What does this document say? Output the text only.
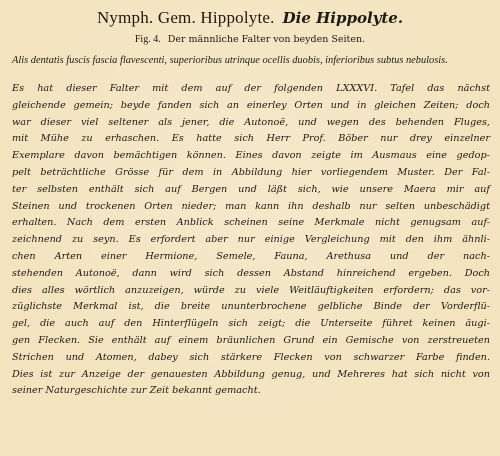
Nymph. Gem. Hippolyte. Die Hippolyte.
Fig. 4. Der männliche Falter von beyden Seiten.
Alis dentatis fuscis fascia flavescenti, superioribus utrinque ocellis duobis, inferioribus subtus nebulosis.
Es hat dieser Falter mit dem auf der folgenden LXXXVI. Tafel das nächst
gleichende gemein; beyde fanden sich an einerley Orten und in gleichen Zeiten; doch
war dieser viel seltener als jener, die Autonoë, und wegen des behenden Fluges,
mit Mühe zu erhaschen. Es hatte sich Herr Prof. Böber nur drey einzelner
Exemplare davon bemächtigen können. Eines davon zeigte im Ausmaus eine gedop-
pelt beträchtliche Grösse für dem in Abbildung hier vorliegendem Muster. Der Fal-
ter selbsten enthält sich auf Bergen und läßt sich, wie unsere Maera mir auf
Steinen und trockenen Orten nieder; man kann ihn deshalb nur selten unbeschädigt
erhalten. Nach dem ersten Anblick scheinen seine Merkmale nicht genugsam auf-
zeichnend zu seyn. Es erfordert aber nur einige Vergleichung mit den ihm ähnli-
chen Arten einer Hermione, Semele, Fauna, Arethusa und der nach-
stehenden Autonoë, dann wird sich dessen Abstand hinreichend ergeben. Doch
dies alles wörtlich anzuzeigen, würde zu viele Weitläuftigkeiten erfordern; das vor-
züglichste Merkmal ist, die breite ununterbrochene gelbliche Binde der Vorderflü-
gel, die auch auf den Hinterflügeln sich zeigt; die Unterseite führet keinen äugi-
gen Flecken. Sie enthält auf einem bräunlichen Grund ein Gemische von zerstreueten
Strichen und Atomen, dabey sich stärkere Flecken von schwarzer Farbe finden.
Dies ist zur Anzeige der genauesten Abbildung genug, und Mehreres hat sich nicht von
seiner Naturgeschichte zur Zeit bekannt gemacht.
